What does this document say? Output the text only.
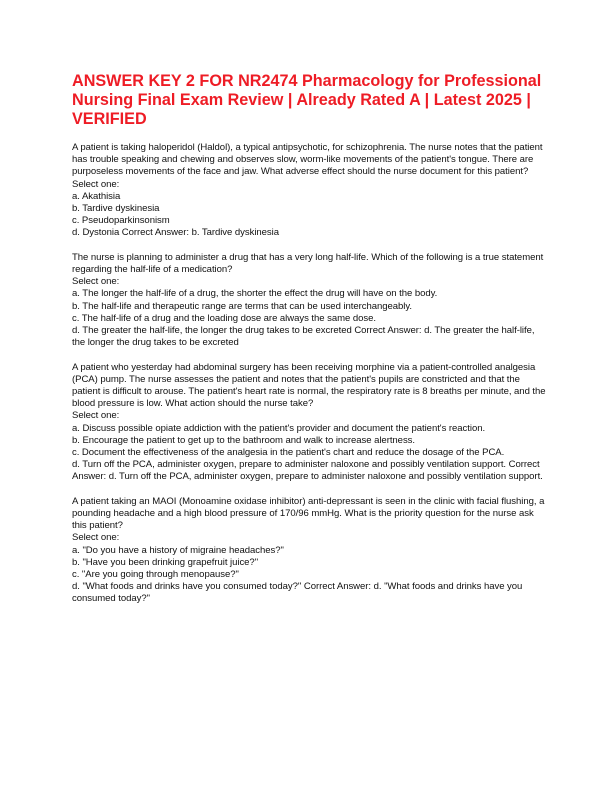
ANSWER KEY 2 FOR NR2474 Pharmacology for Professional Nursing Final Exam Review | Already Rated A | Latest 2025 | VERIFIED

A patient is taking haloperidol (Haldol), a typical antipsychotic, for schizophrenia. The nurse notes that the patient has trouble speaking and chewing and observes slow, worm-like movements of the patient's tongue. There are purposeless movements of the face and jaw. What adverse effect should the nurse document for this patient?

Select one:

a. Akathisia

b. Tardive dyskinesia

c. Pseudoparkinsonism

d. Dystonia Correct Answer: b. Tardive dyskinesia

The nurse is planning to administer a drug that has a very long half-life. Which of the following is a true statement regarding the half-life of a medication?

Select one:

a. The longer the half-life of a drug, the shorter the effect the drug will have on the body.

b. The half-life and therapeutic range are terms that can be used interchangeably.

c. The half-life of a drug and the loading dose are always the same dose.

d. The greater the half-life, the longer the drug takes to be excreted Correct Answer: d. The greater the half-life, the longer the drug takes to be excreted

A patient who yesterday had abdominal surgery has been receiving morphine via a patient-controlled analgesia (PCA) pump. The nurse assesses the patient and notes that the patient's pupils are constricted and that the patient is difficult to arouse. The patient's heart rate is normal, the respiratory rate is 8 breaths per minute, and the blood pressure is low. What action should the nurse take?

Select one:

a. Discuss possible opiate addiction with the patient's provider and document the patient's reaction.

b. Encourage the patient to get up to the bathroom and walk to increase alertness.

c. Document the effectiveness of the analgesia in the patient's chart and reduce the dosage of the PCA.

d. Turn off the PCA, administer oxygen, prepare to administer naloxone and possibly ventilation support. Correct Answer: d. Turn off the PCA, administer oxygen, prepare to administer naloxone and possibly ventilation support.

A patient taking an MAOI (Monoamine oxidase inhibitor) anti-depressant is seen in the clinic with facial flushing, a pounding headache and a high blood pressure of 170/96 mmHg. What is the priority question for the nurse ask this patient?

Select one:

a. "Do you have a history of migraine headaches?"

b. "Have you been drinking grapefruit juice?"

c. "Are you going through menopause?"

d. "What foods and drinks have you consumed today?" Correct Answer: d. "What foods and drinks have you consumed today?"
